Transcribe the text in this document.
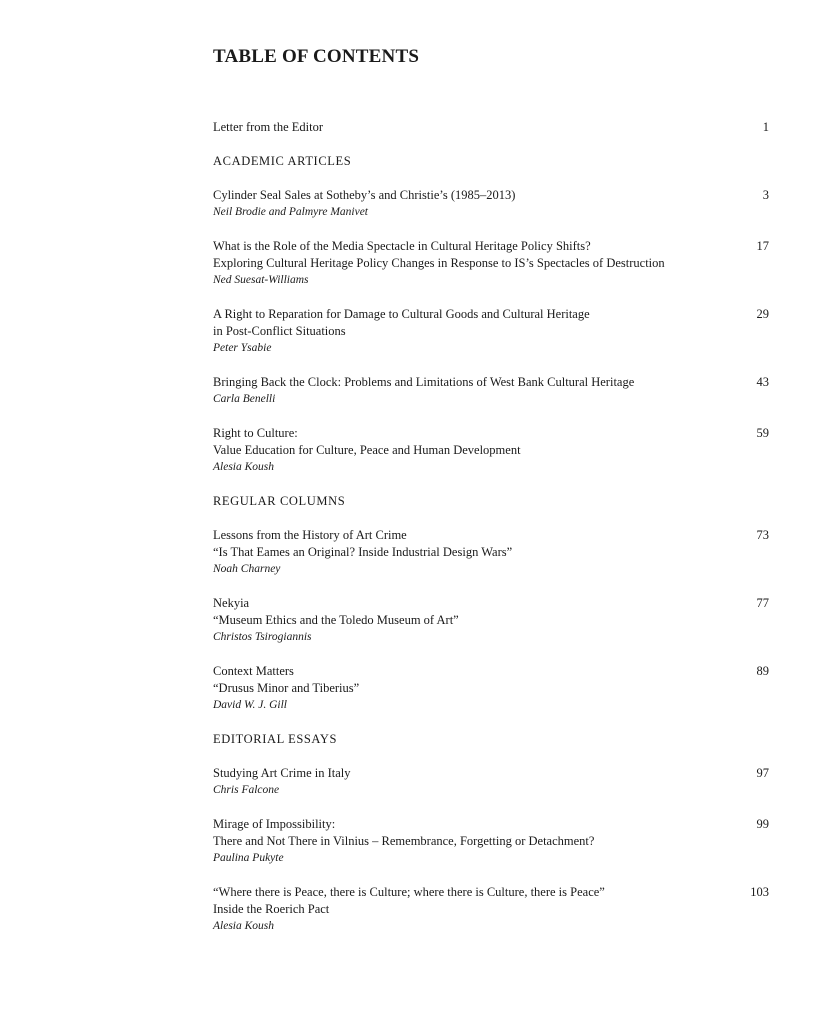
TABLE OF CONTENTS
Letter from the Editor	1
ACADEMIC ARTICLES
Cylinder Seal Sales at Sotheby’s and Christie’s (1985–2013)
Neil Brodie and Palmyre Manivet
3
What is the Role of the Media Spectacle in Cultural Heritage Policy Shifts?
Exploring Cultural Heritage Policy Changes in Response to IS’s Spectacles of Destruction
Ned Suesat-Williams
17
A Right to Reparation for Damage to Cultural Goods and Cultural Heritage
in Post-Conflict Situations
Peter Ysabie
29
Bringing Back the Clock: Problems and Limitations of West Bank Cultural Heritage
Carla Benelli
43
Right to Culture:
Value Education for Culture, Peace and Human Development
Alesia Koush
59
REGULAR COLUMNS
Lessons from the History of Art Crime
“Is That Eames an Original? Inside Industrial Design Wars”
Noah Charney
73
Nekyia
“Museum Ethics and the Toledo Museum of Art”
Christos Tsirogiannis
77
Context Matters
“Drusus Minor and Tiberius”
David W. J. Gill
89
EDITORIAL ESSAYS
Studying Art Crime in Italy
Chris Falcone
97
Mirage of Impossibility:
There and Not There in Vilnius – Remembrance, Forgetting or Detachment?
Paulina Pukyte
99
“Where there is Peace, there is Culture; where there is Culture, there is Peace”
Inside the Roerich Pact
Alesia Koush
103
